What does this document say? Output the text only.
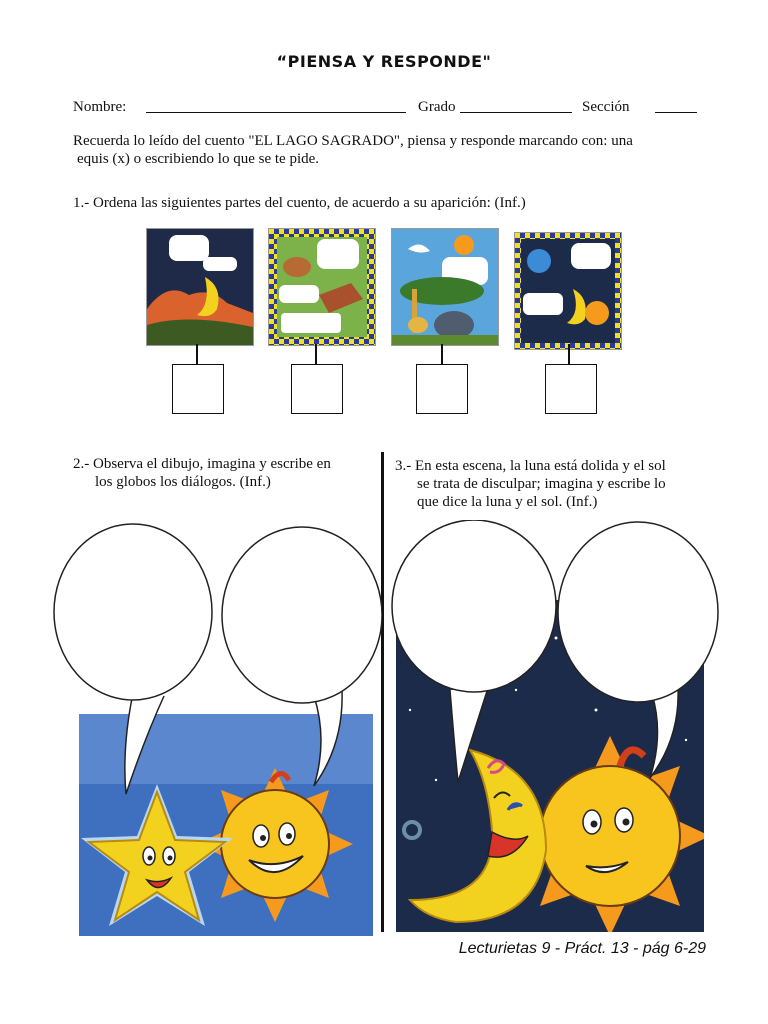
“PIENSA Y RESPONDE"
Nombre:	Grado	Sección
Recuerda lo leído del cuento "EL LAGO SAGRADO", piensa y responde marcando con: una
equis (x) o escribiendo lo que se te pide.
1.- Ordena las siguientes partes del cuento, de acuerdo a su aparición: (Inf.)
2.- Observa el dibujo, imagina y escribe en
los globos los diálogos. (Inf.)
3.- En esta escena, la luna está dolida y el sol
se trata de disculpar; imagina y escribe lo
que dice la luna y el sol. (Inf.)
Lecturietas 9 - Práct. 13 - pág 6-29
